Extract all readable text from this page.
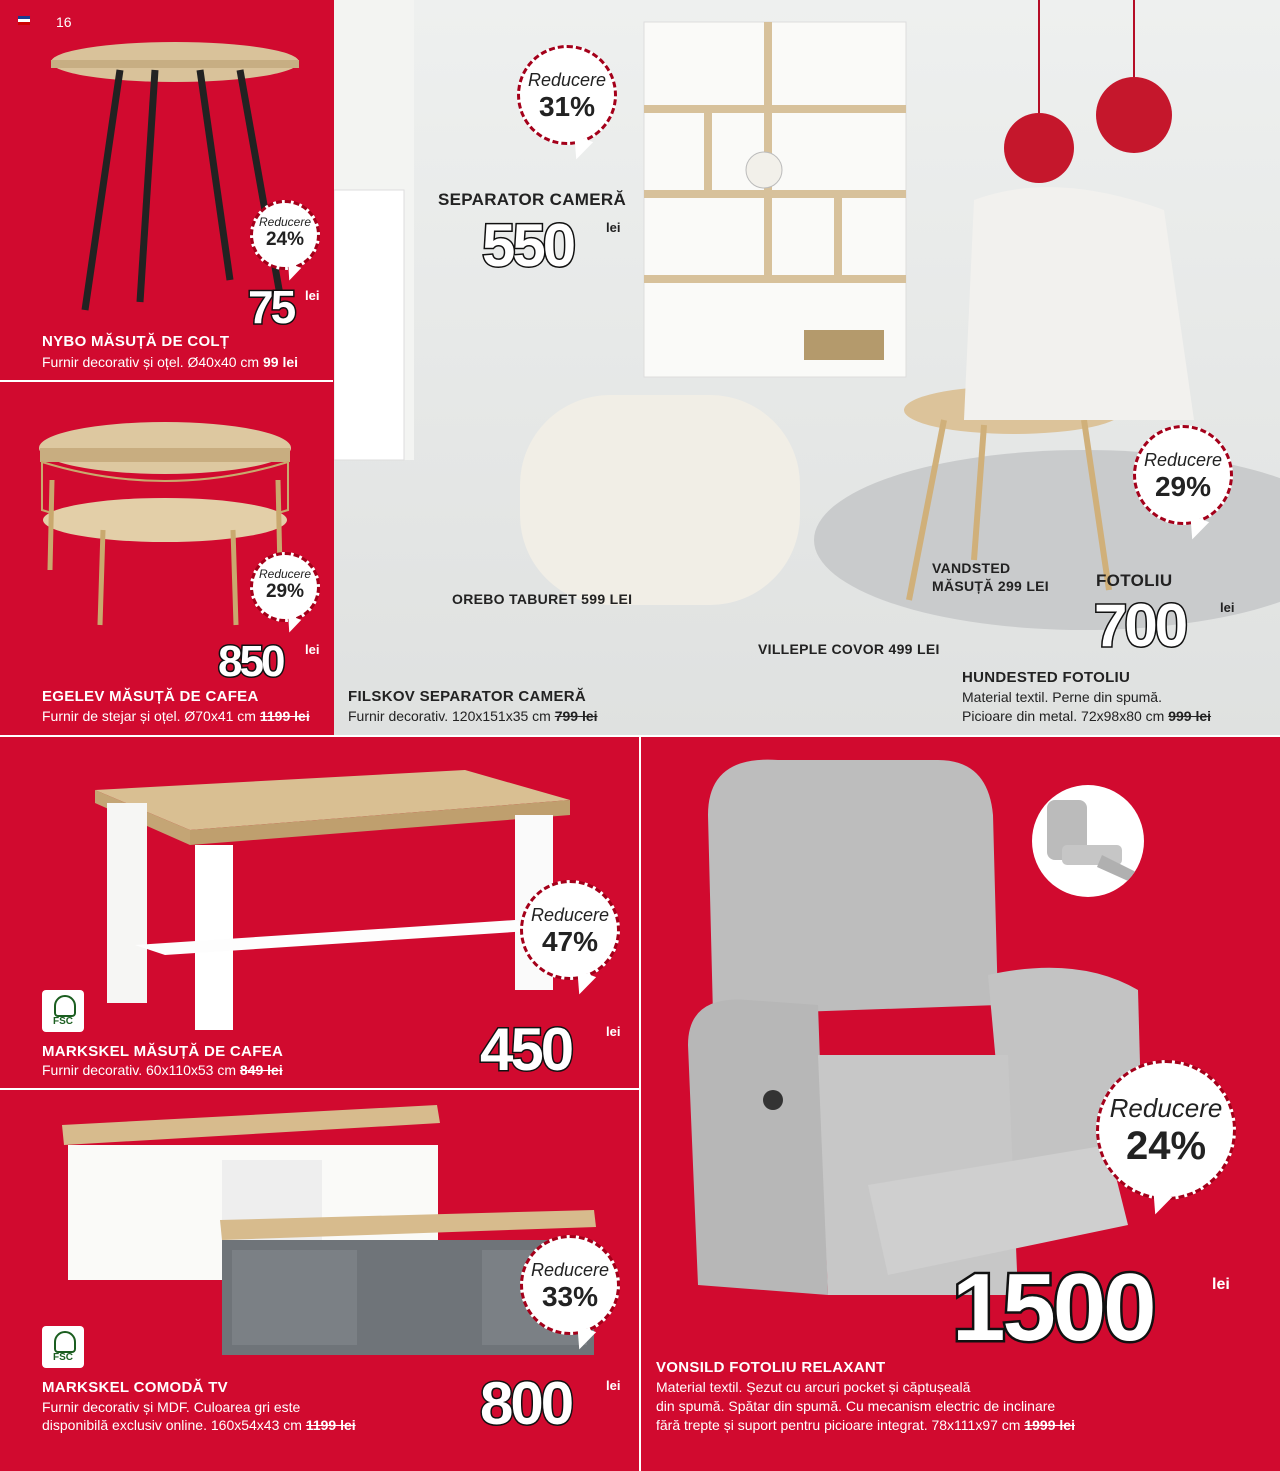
16
Reducere
24%
75 lei
NYBO MĂSUȚĂ DE COLȚ
Furnir decorativ și oțel. Ø40x40 cm 99 lei
Reducere
29%
850 lei
EGELEV MĂSUȚĂ DE CAFEA
Furnir de stejar și oțel. Ø70x41 cm 1199 lei
Reducere
31%
SEPARATOR CAMERĂ
550	lei
FILSKOV SEPARATOR CAMERĂ
Furnir decorativ. 120x151x35 cm 799 lei
OREBO TABURET 599 LEI
VANDSTED
MĂSUȚĂ 299 LEI
VILLEPLE COVOR 499 LEI
Reducere
29%
FOTOLIU
700	lei
HUNDESTED FOTOLIU
Material textil. Perne din spumă.
Picioare din metal. 72x98x80 cm 999 lei
Reducere
47%
FSC	450	lei
MARKSKEL MĂSUȚĂ DE CAFEA
Furnir decorativ. 60x110x53 cm 849 lei
Reducere
33%
FSC
800	lei
MARKSKEL COMODĂ TV
Furnir decorativ și MDF. Culoarea gri este
disponibilă exclusiv online. 160x54x43 cm 1199 lei
Reducere
24%
1500	lei
VONSILD FOTOLIU RELAXANT
Material textil. Șezut cu arcuri pocket și căptușeală
din spumă. Spătar din spumă. Cu mecanism electric de inclinare
fără trepte și suport pentru picioare integrat. 78x111x97 cm 1999 lei
